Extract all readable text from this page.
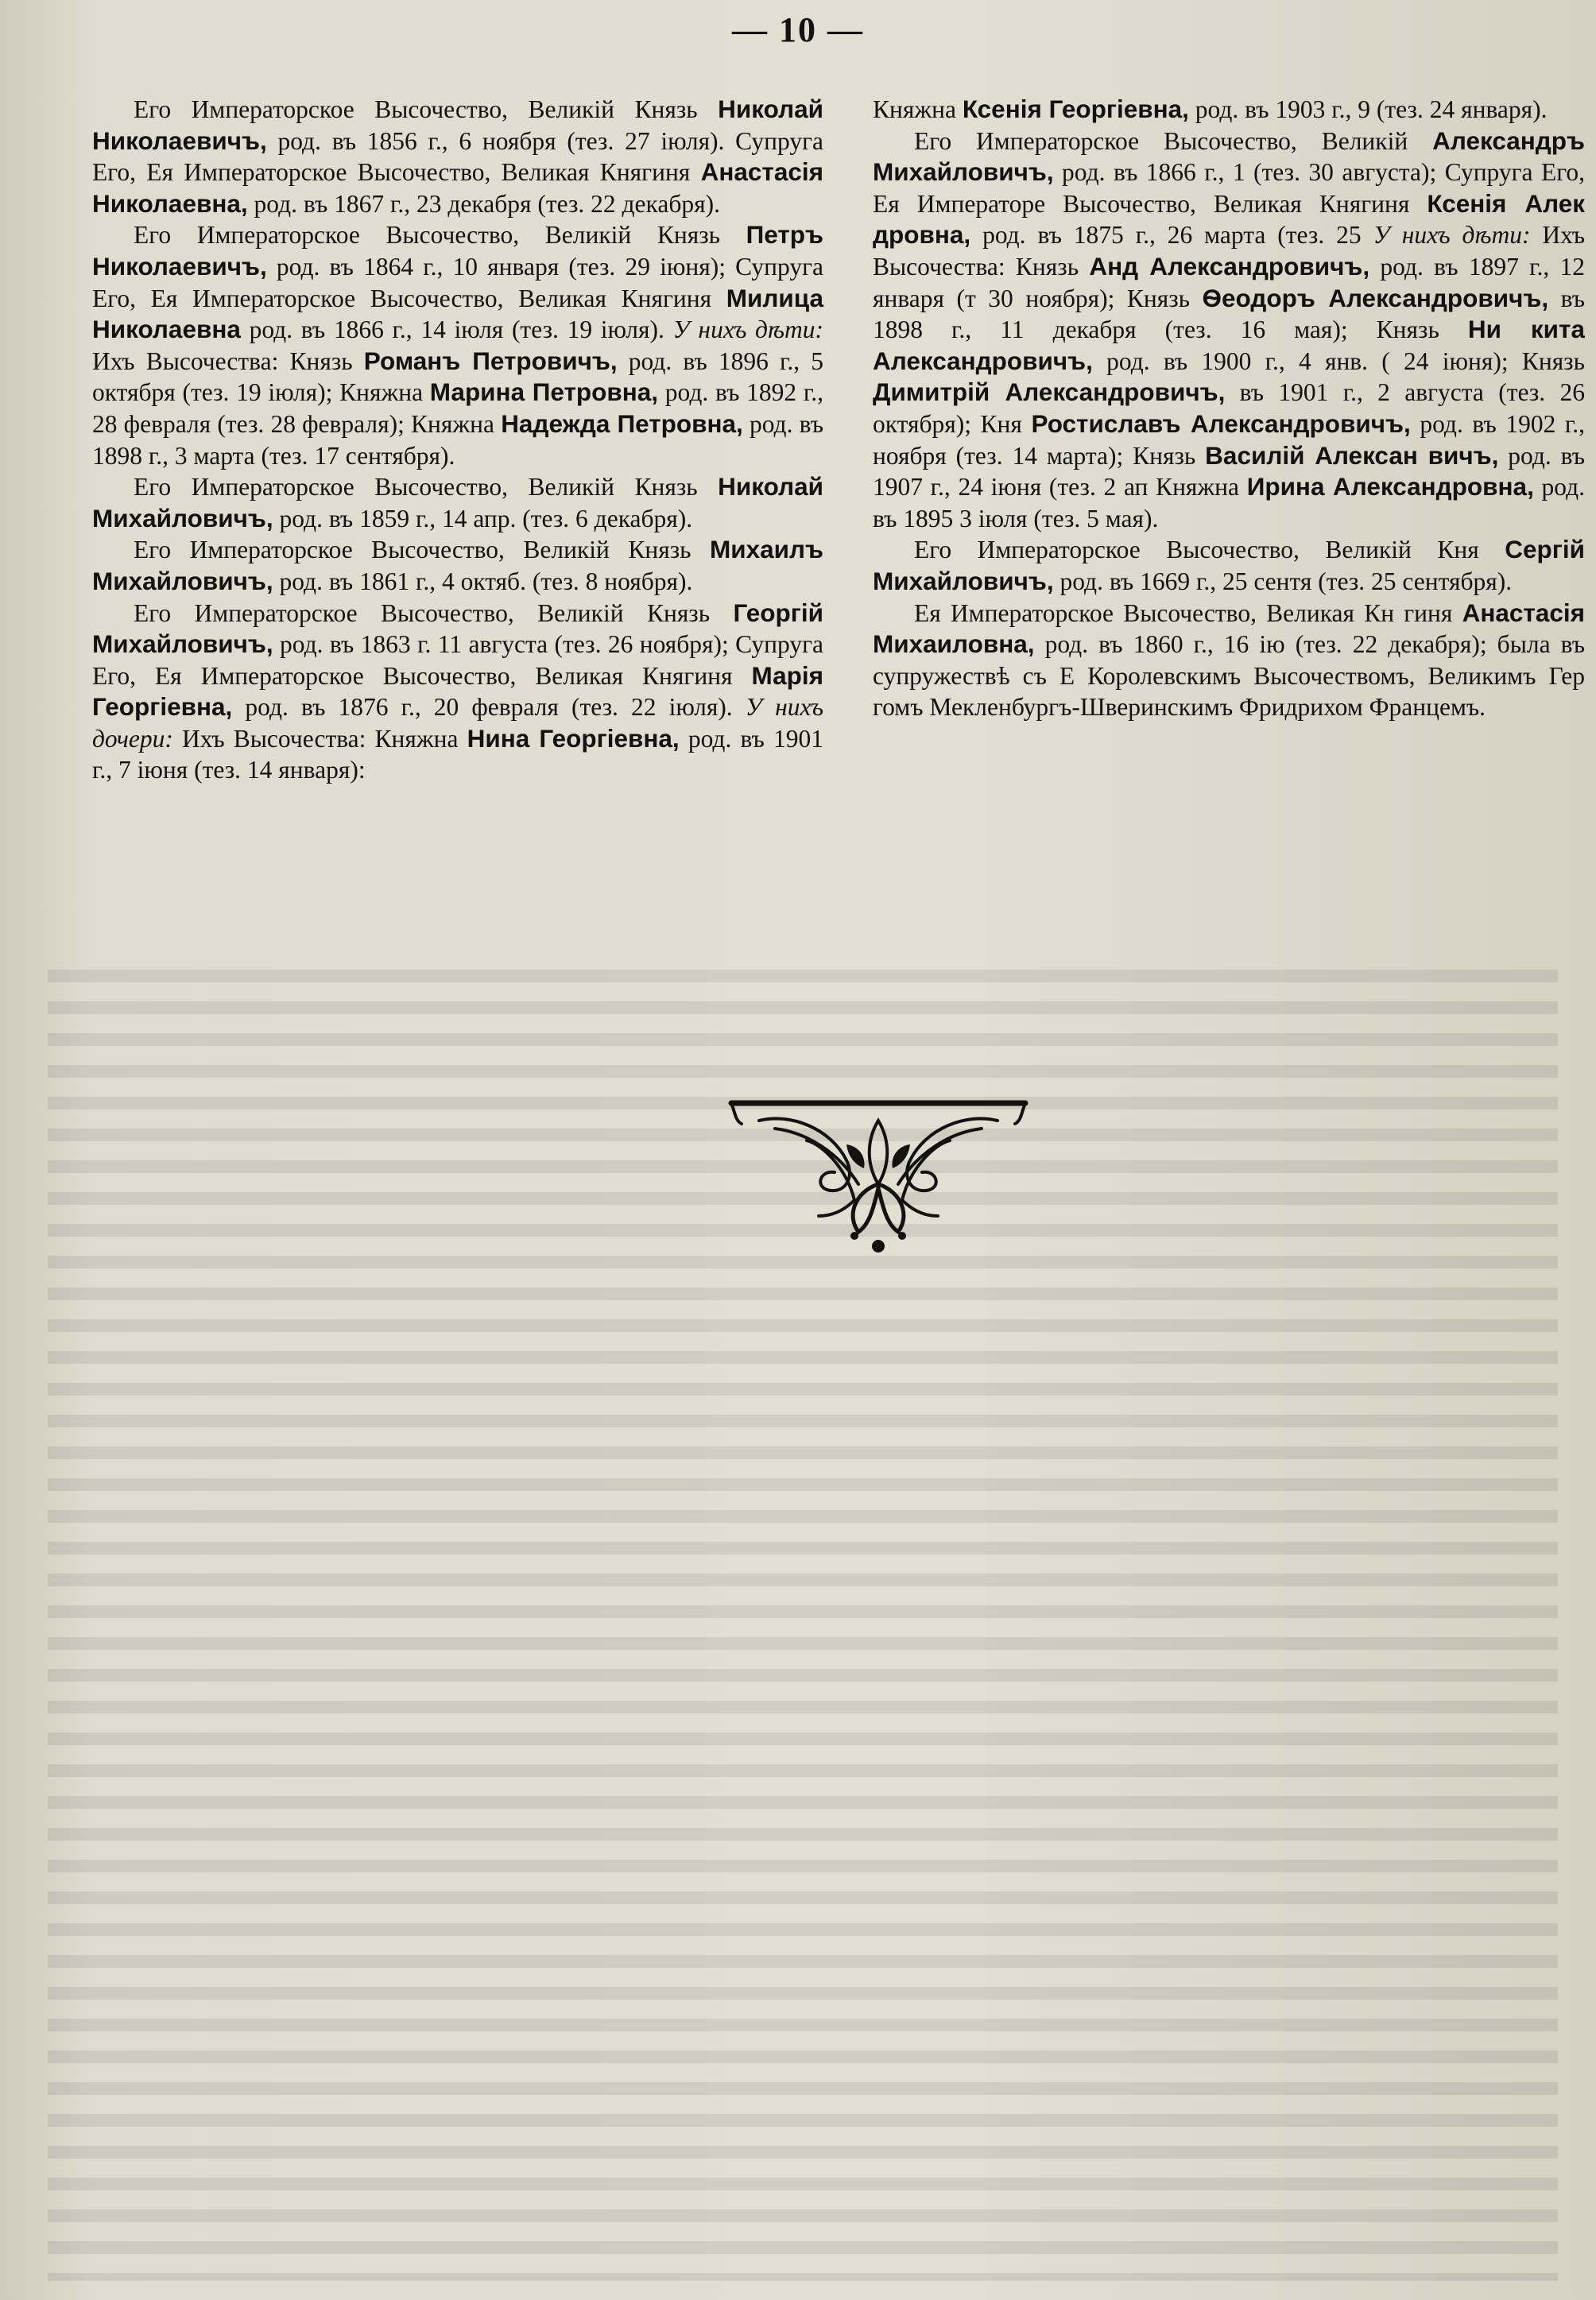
— 10 —

Его Императорское Высочество, Великій Князь Николай Николаевичъ, род. въ 1856 г., 6 ноября (тез. 27 іюля). Супруга Его, Ея Императорское Высочество, Великая Княгиня Анастасія Николаевна, род. въ 1867 г., 23 декабря (тез. 22 декабря).

Его Императорское Высочество, Великій Князь Петръ Николаевичъ, род. въ 1864 г., 10 января (тез. 29 іюня); Супруга Его, Ея Императорское Высочество, Великая Княгиня Милица Николаевна род. въ 1866 г., 14 іюля (тез. 19 іюля). У нихъ дѣти: Ихъ Высочества: Князь Романъ Петровичъ, род. въ 1896 г., 5 октября (тез. 19 іюля); Княжна Марина Петровна, род. въ 1892 г., 28 февраля (тез. 28 февраля); Княжна Надежда Петровна, род. въ 1898 г., 3 марта (тез. 17 сентября).

Его Императорское Высочество, Великій Князь Николай Михайловичъ, род. въ 1859 г., 14 апр. (тез. 6 декабря).

Его Императорское Высочество, Великій Князь Михаилъ Михайловичъ, род. въ 1861 г., 4 октяб. (тез. 8 ноября).

Его Императорское Высочество, Великій Князь Георгій Михайловичъ, род. въ 1863 г. 11 августа (тез. 26 ноября); Супруга Его, Ея Императорское Высочество, Великая Княгиня Марія Георгіевна, род. въ 1876 г., 20 февраля (тез. 22 іюля). У нихъ дочери: Ихъ Высочества: Княжна Нина Георгіевна, род. въ 1901 г., 7 іюня (тез. 14 января):

Княжна Ксенія Георгіевна, род. въ 1903 г., 9 (тез. 24 января).

Его Императорское Высочество, Великій Александръ Михайловичъ, род. въ 1866 г., 1 (тез. 30 августа); Супруга Его, Ея Императоре Высочество, Великая Княгиня Ксенія Алек дровна, род. въ 1875 г., 26 марта (тез. 25 У нихъ дѣти: Ихъ Высочества: Князь Анд Александровичъ, род. въ 1897 г., 12 января (т 30 ноября); Князь Ѳеодоръ Александровичъ, въ 1898 г., 11 декабря (тез. 16 мая); Князь Ни кита Александровичъ, род. въ 1900 г., 4 янв. ( 24 іюня); Князь Димитрій Александровичъ, въ 1901 г., 2 августа (тез. 26 октября); Кня Ростиславъ Александровичъ, род. въ 1902 г., ноября (тез. 14 марта); Князь Василій Алексан вичъ, род. въ 1907 г., 24 іюня (тез. 2 ап Княжна Ирина Александровна, род. въ 1895 3 іюля (тез. 5 мая).

Его Императорское Высочество, Великій Кня Сергій Михайловичъ, род. въ 1669 г., 25 сентя (тез. 25 сентября).

Ея Императорское Высочество, Великая Кн гиня Анастасія Михаиловна, род. въ 1860 г., 16 ію (тез. 22 декабря); была въ супружествѣ съ Е Королевскимъ Высочествомъ, Великимъ Гер гомъ Мекленбургъ-Шверинскимъ Фридрихом Францемъ.
